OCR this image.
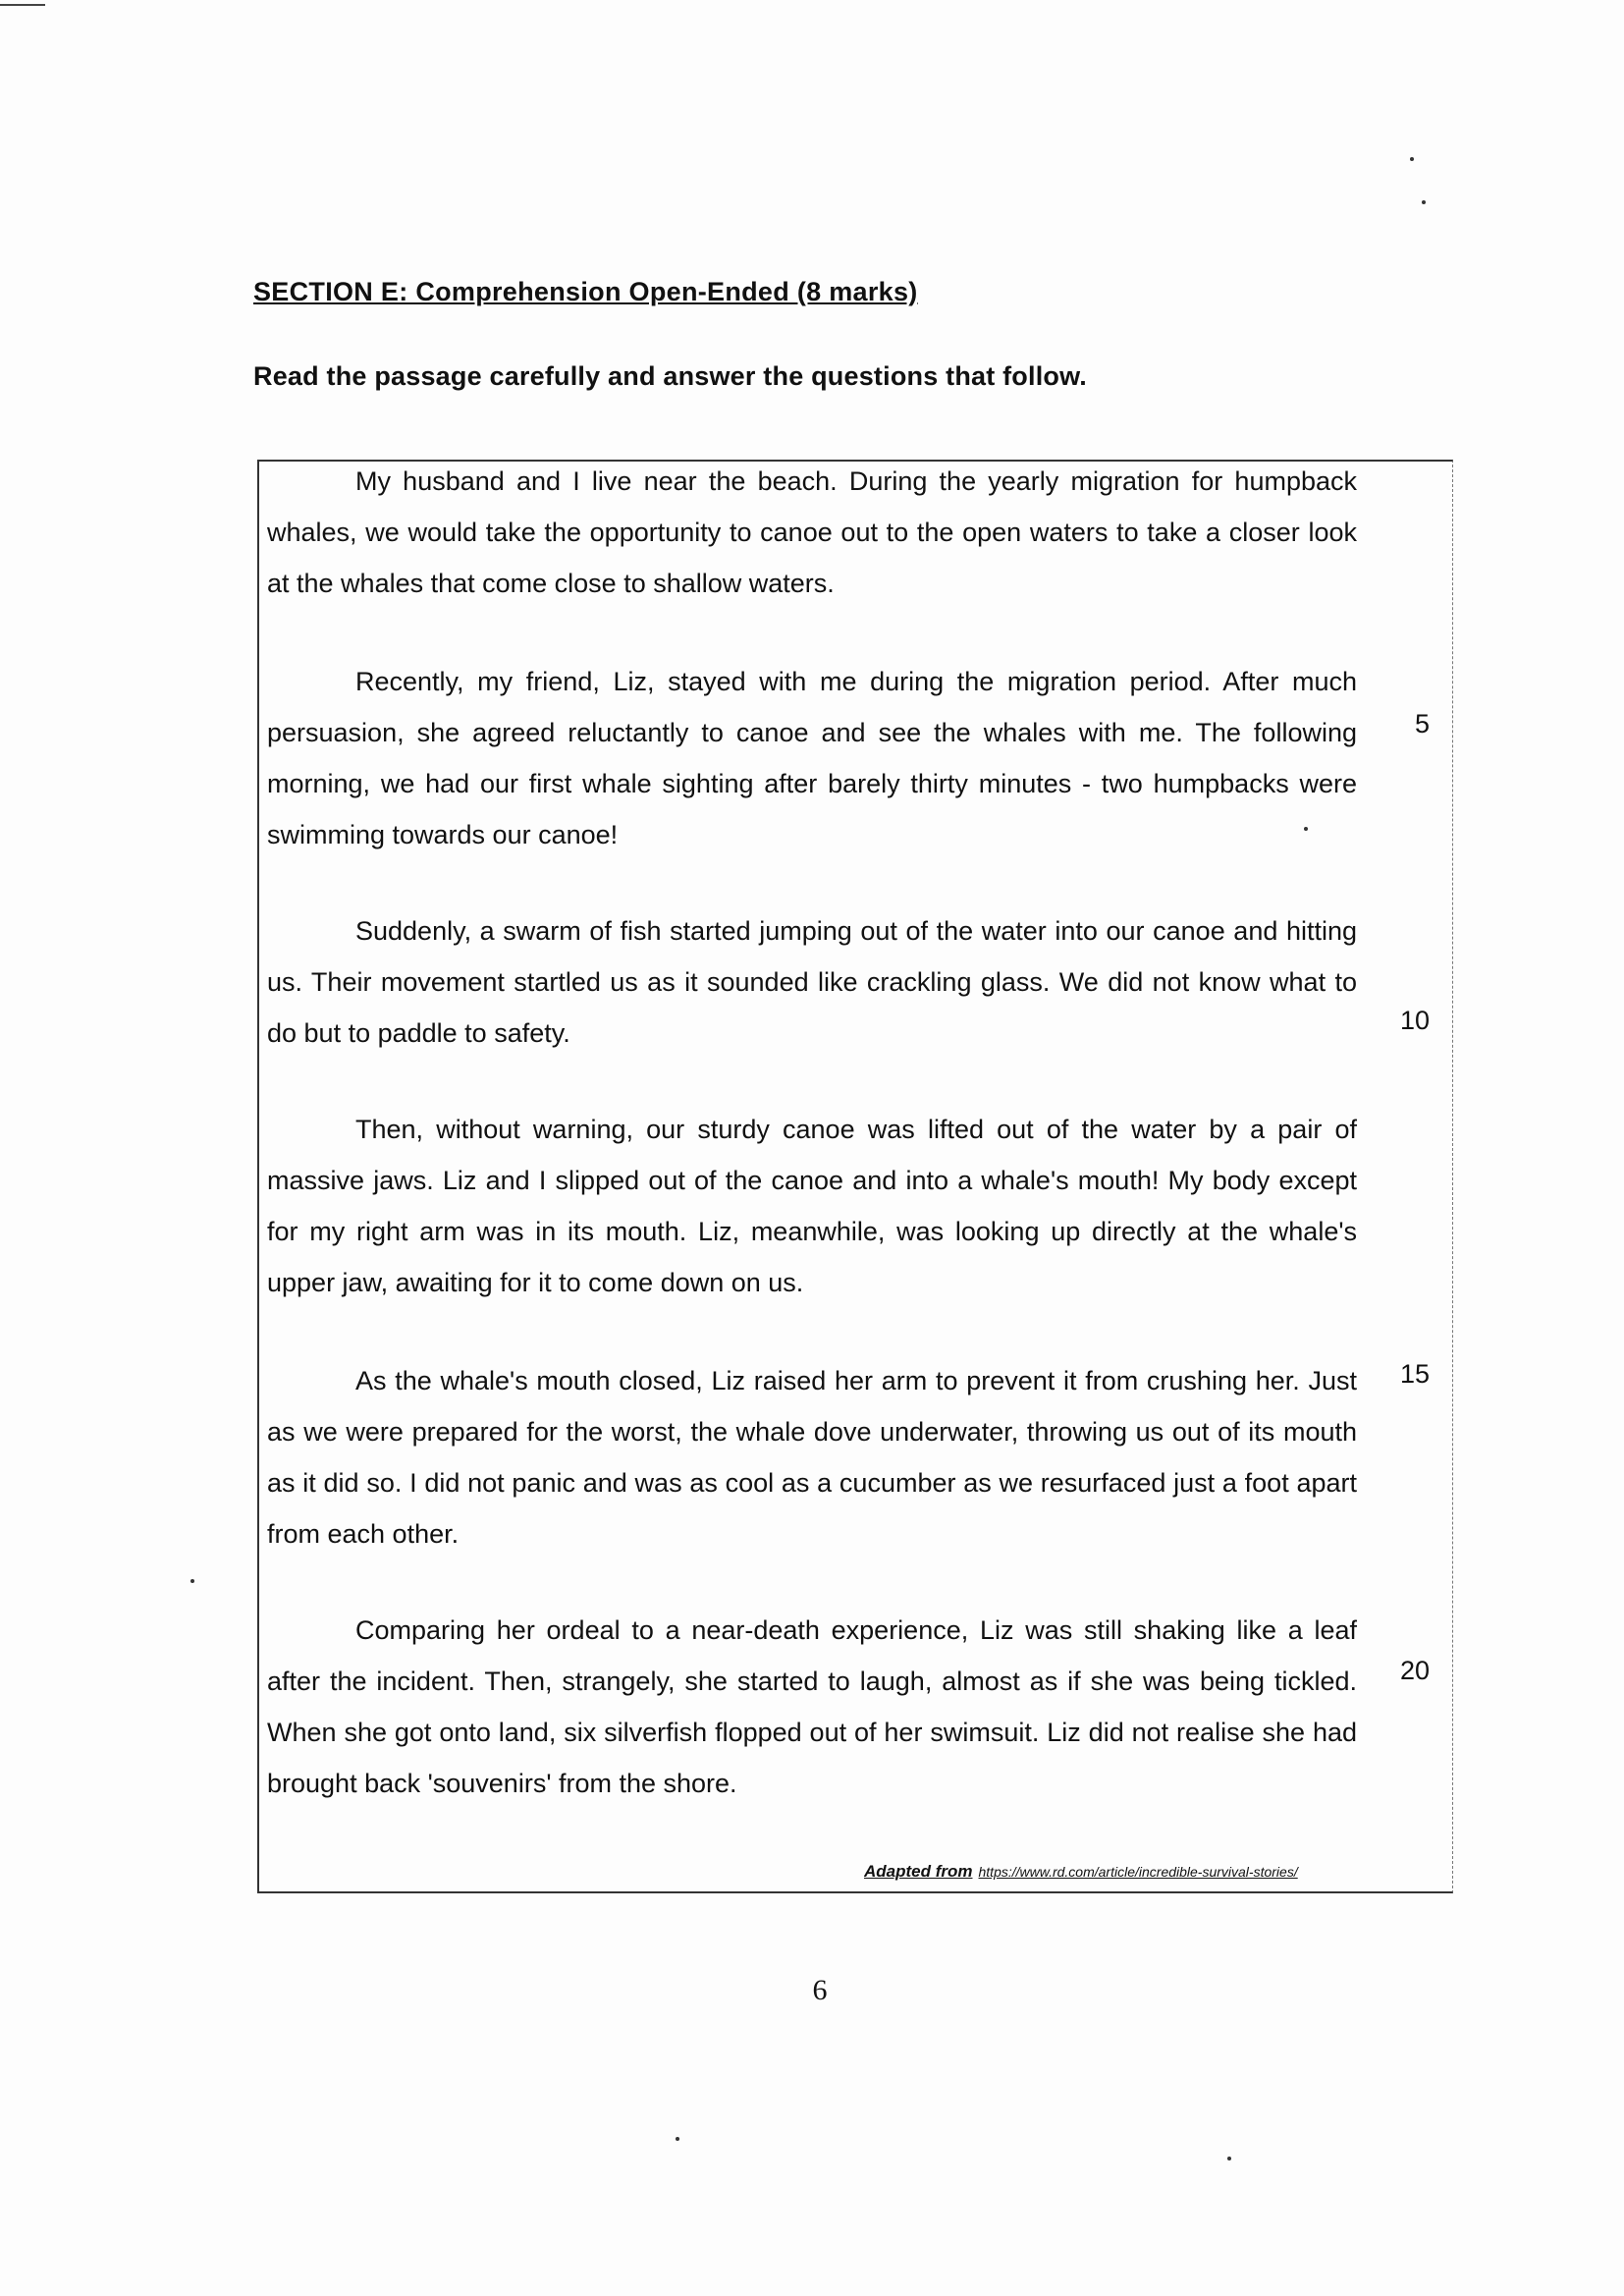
SECTION E: Comprehension Open-Ended (8 marks)
Read the passage carefully and answer the questions that follow.

My husband and I live near the beach. During the yearly migration for humpback whales, we would take the opportunity to canoe out to the open waters to take a closer look at the whales that come close to shallow waters.

Recently, my friend, Liz, stayed with me during the migration period. After much persuasion, she agreed reluctantly to canoe and see the whales with me. The following morning, we had our first whale sighting after barely thirty minutes - two humpbacks were swimming towards our canoe!

Suddenly, a swarm of fish started jumping out of the water into our canoe and hitting us. Their movement startled us as it sounded like crackling glass. We did not know what to do but to paddle to safety.

Then, without warning, our sturdy canoe was lifted out of the water by a pair of massive jaws. Liz and I slipped out of the canoe and into a whale's mouth! My body except for my right arm was in its mouth. Liz, meanwhile, was looking up directly at the whale's upper jaw, awaiting for it to come down on us.

As the whale's mouth closed, Liz raised her arm to prevent it from crushing her. Just as we were prepared for the worst, the whale dove underwater, throwing us out of its mouth as it did so. I did not panic and was as cool as a cucumber as we resurfaced just a foot apart from each other.

Comparing her ordeal to a near-death experience, Liz was still shaking like a leaf after the incident. Then, strangely, she started to laugh, almost as if she was being tickled. When she got onto land, six silverfish flopped out of her swimsuit. Liz did not realise she had brought back 'souvenirs' from the shore.

5
10
15
20
Adapted from https://www.rd.com/article/incredible-survival-stories/
6
